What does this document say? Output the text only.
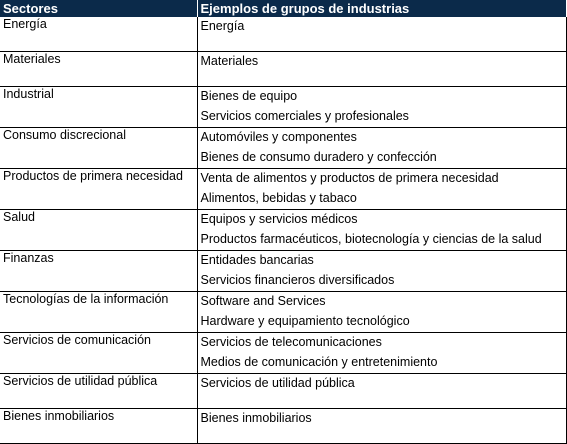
Sectores	Ejemplos de grupos de industrias
Energía	Energía

Materiales	Materiales

Industrial	Bienes de equipo
Servicios comerciales y profesionales

Consumo discrecional	Automóviles y componentes
Bienes de consumo duradero y confección

Productos de primera necesidad	Venta de alimentos y productos de primera necesidad
Alimentos, bebidas y tabaco

Salud	Equipos y servicios médicos
Productos farmacéuticos, biotecnología y ciencias de la salud

Finanzas	Entidades bancarias
Servicios financieros diversificados

Tecnologías de la información	Software and Services
Hardware y equipamiento tecnológico

Servicios de comunicación	Servicios de telecomunicaciones
Medios de comunicación y entretenimiento

Servicios de utilidad pública	Servicios de utilidad pública

Bienes inmobiliarios	Bienes inmobiliarios
